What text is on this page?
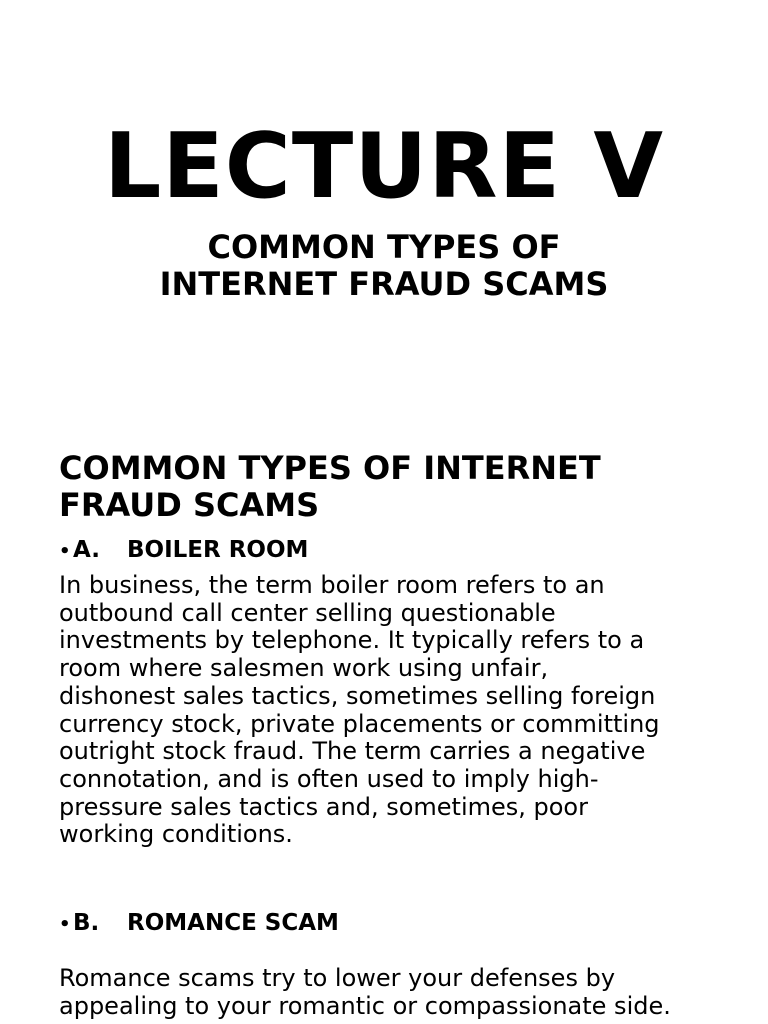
LECTURE V
COMMON TYPES OF
INTERNET FRAUD SCAMS
COMMON TYPES OF INTERNET
FRAUD SCAMS
• A. BOILER ROOM

In business, the term boiler room refers to an
outbound call center selling questionable
investments by telephone. It typically refers to a
room where salesmen work using unfair,
dishonest sales tactics, sometimes selling foreign
currency stock, private placements or committing
outright stock fraud. The term carries a negative
connotation, and is often used to imply high-
pressure sales tactics and, sometimes, poor
working conditions.

• B. ROMANCE SCAM

Romance scams try to lower your defenses by
appealing to your romantic or compassionate side.
